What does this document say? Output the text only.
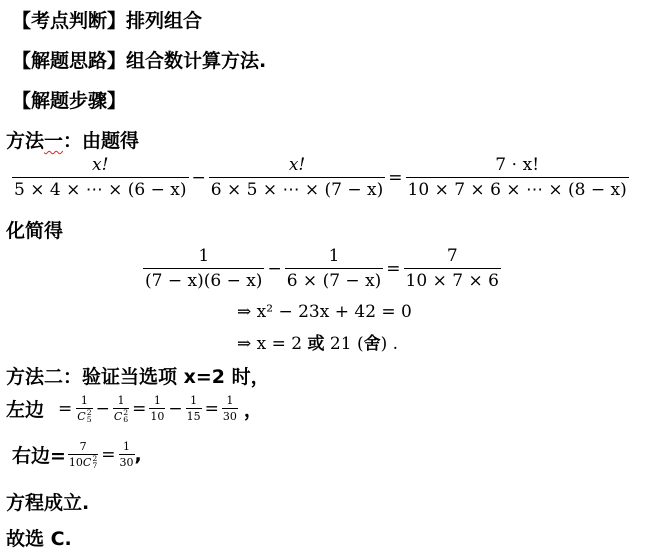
【考点判断】排列组合
【解题思路】组合数计算方法.
【解题步骤】
方法一：由题得
$\frac{x!}{5 \times 4 \times \cdots \times (6 - x)} - \frac{x!}{6 \times 5 \times \cdots \times (7 - x)} = \frac{7 \cdot x!}{10 \times 7 \times 6 \times \cdots \times (8 - x)}$
化简得
$\frac{1}{(7 - x)(6 - x)} - \frac{1}{6 \times (7 - x)} = \frac{7}{10 \times 7 \times 6}$
⇒ x² − 23x + 42 = 0
⇒ x = 2 或 21 (舍) .
方法二：验证当选项 x=2 时，
左边 = 1
C 2
5 − 1
C 2
$6 = \frac{1}{10} - \frac{1}{15} = \frac{1}{30}$ ，
右边= 7
10C 2
$7 = \frac{1}{30}$ ,
方程成立.
故选 C.
